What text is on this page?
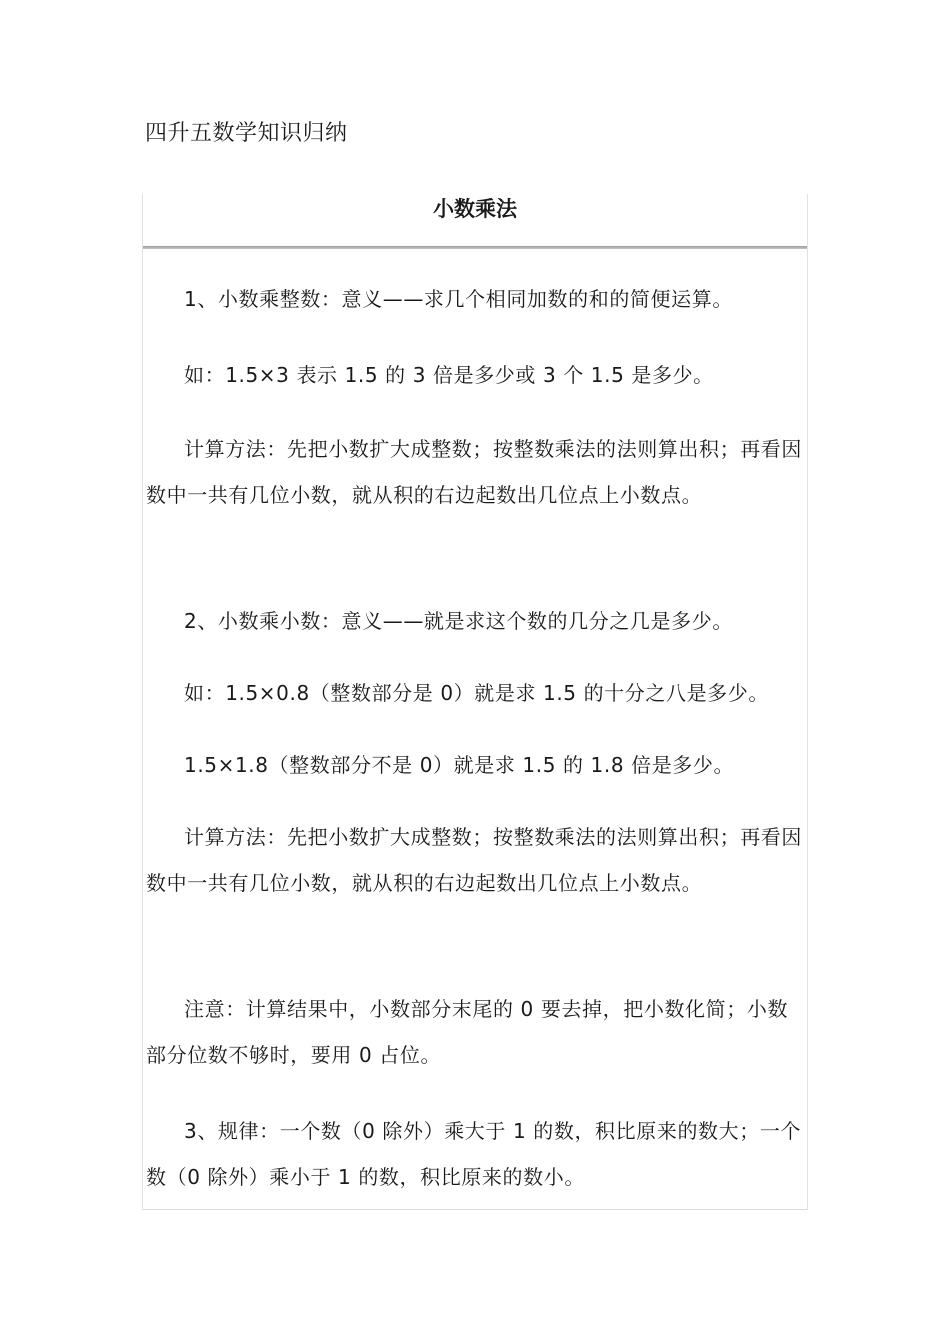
四升五数学知识归纳
小数乘法

1、小数乘整数：意义——求几个相同加数的和的简便运算。

如：1.5×3 表示 1.5 的 3 倍是多少或 3 个 1.5 是多少。

计算方法：先把小数扩大成整数；按整数乘法的法则算出积；再看因数中一共有几位小数，就从积的右边起数出几位点上小数点。

2、小数乘小数：意义——就是求这个数的几分之几是多少。

如：1.5×0.8（整数部分是 0）就是求 1.5 的十分之八是多少。

1.5×1.8（整数部分不是 0）就是求 1.5 的 1.8 倍是多少。

计算方法：先把小数扩大成整数；按整数乘法的法则算出积；再看因数中一共有几位小数，就从积的右边起数出几位点上小数点。

注意：计算结果中，小数部分末尾的 0 要去掉，把小数化简；小数部分位数不够时，要用 0 占位。

3、规律：一个数（0 除外）乘大于 1 的数，积比原来的数大；一个数（0 除外）乘小于 1 的数，积比原来的数小。
